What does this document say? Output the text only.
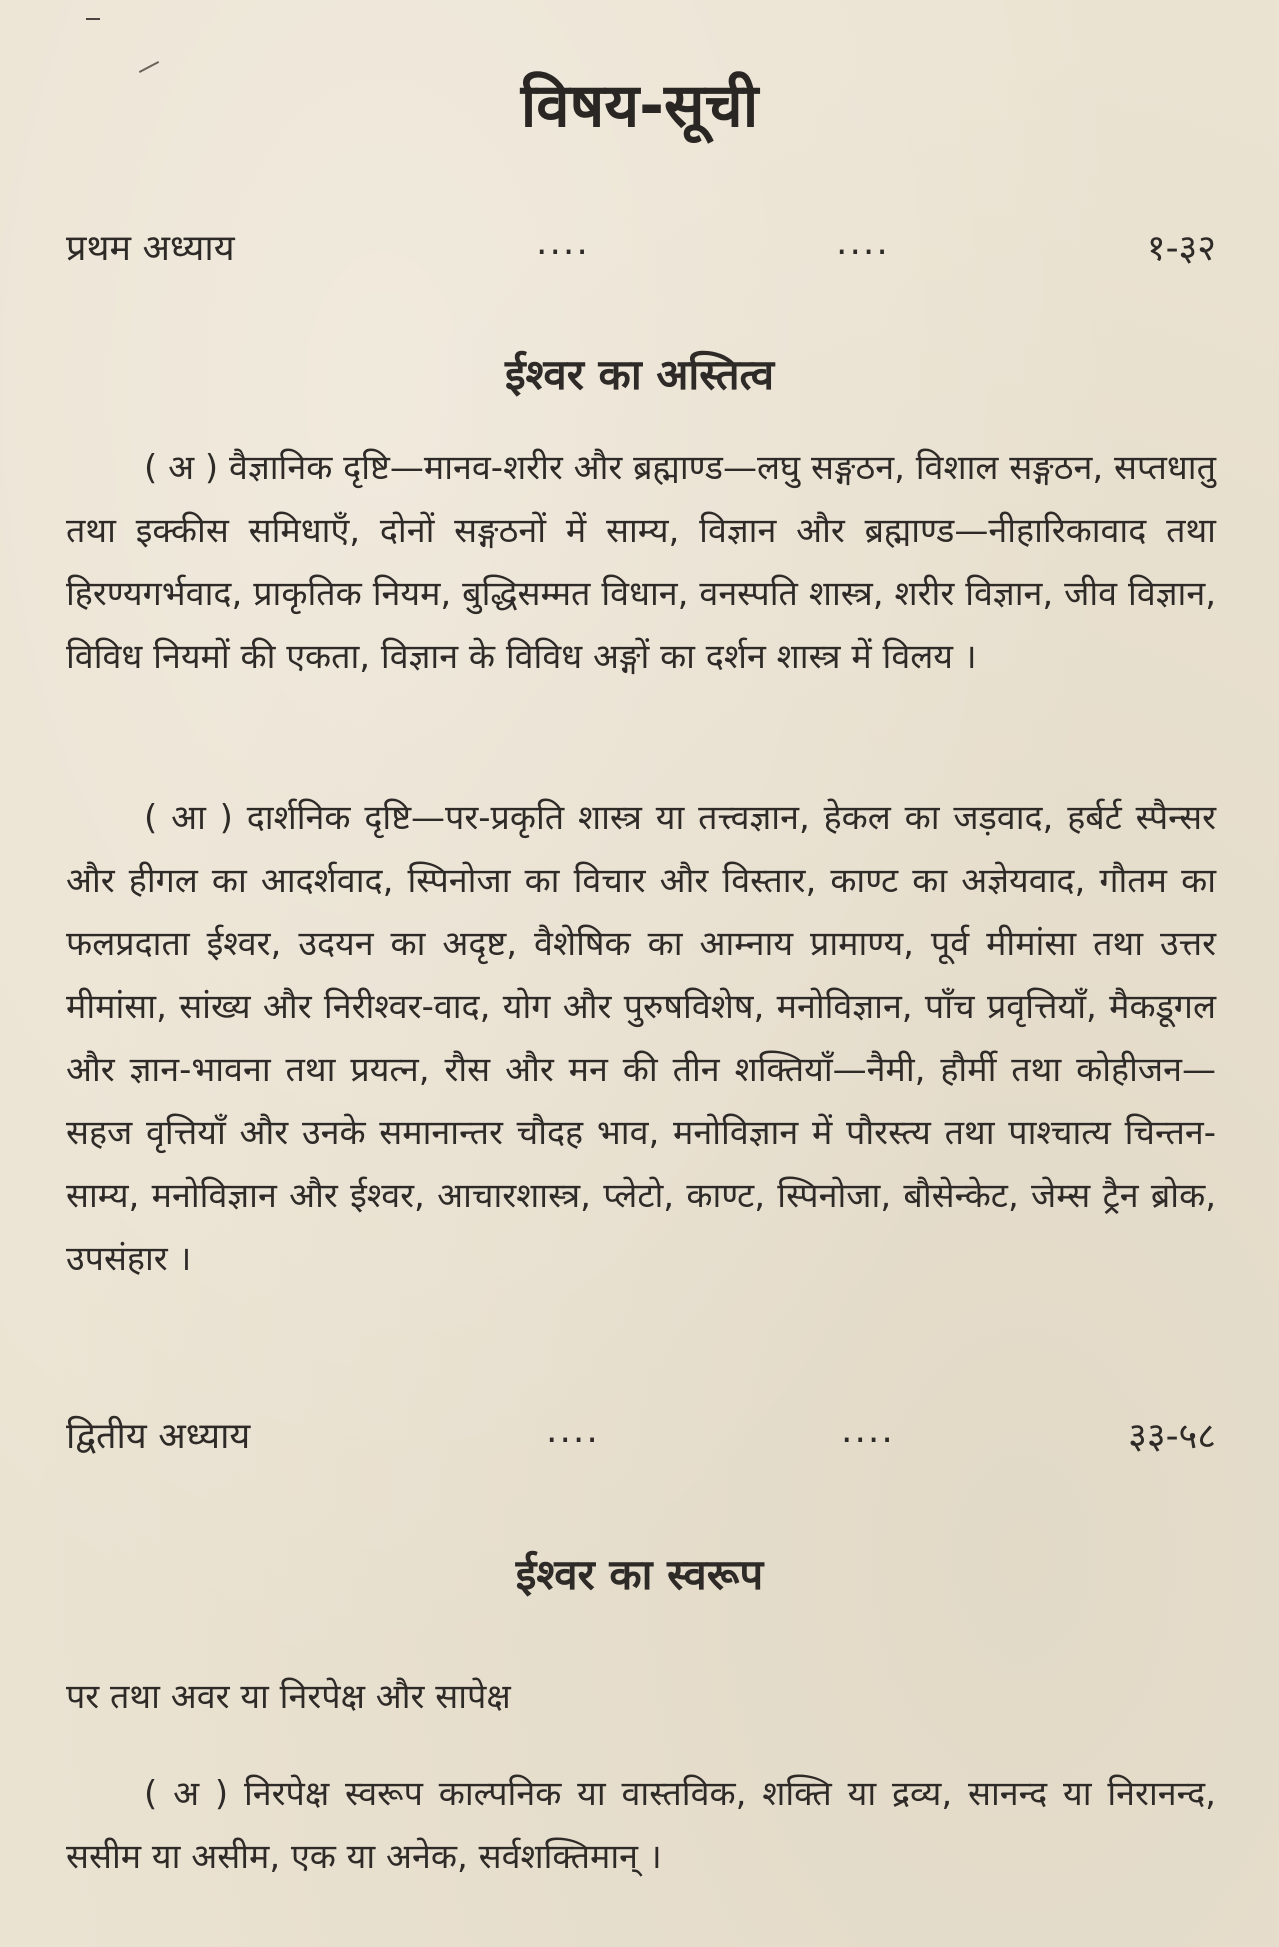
विषय-सूची
प्रथम अध्याय	....	....	१-३२
ईश्वर का अस्तित्व

( अ ) वैज्ञानिक दृष्टि—मानव-शरीर और ब्रह्माण्ड—लघु सङ्गठन, विशाल सङ्गठन, सप्तधातु तथा इक्कीस समिधाएँ, दोनों सङ्गठनों में साम्य, विज्ञान और ब्रह्माण्ड—नीहारिकावाद तथा हिरण्यगर्भवाद, प्राकृतिक नियम, बुद्धिसम्मत विधान, वनस्पति शास्त्र, शरीर विज्ञान, जीव विज्ञान, विविध नियमों की एकता, विज्ञान के विविध अङ्गों का दर्शन शास्त्र में विलय ।

( आ ) दार्शनिक दृष्टि—पर-प्रकृति शास्त्र या तत्त्वज्ञान, हेकल का जड़वाद, हर्बर्ट स्पैन्सर और हीगल का आदर्शवाद, स्पिनोजा का विचार और विस्तार, काण्ट का अज्ञेयवाद, गौतम का फलप्रदाता ईश्वर, उदयन का अदृष्ट, वैशेषिक का आम्नाय प्रामाण्य, पूर्व मीमांसा तथा उत्तर मीमांसा, सांख्य और निरीश्वर-वाद, योग और पुरुषविशेष, मनोविज्ञान, पाँच प्रवृत्तियाँ, मैकडूगल और ज्ञान-भावना तथा प्रयत्न, रौस और मन की तीन शक्तियाँ—नैमी, हौर्मी तथा कोहीजन—सहज वृत्तियाँ और उनके समानान्तर चौदह भाव, मनोविज्ञान में पौरस्त्य तथा पाश्चात्य चिन्तन-साम्य, मनोविज्ञान और ईश्वर, आचारशास्त्र, प्लेटो, काण्ट, स्पिनोजा, बौसेन्केट, जेम्स ट्रैन ब्रोक, उपसंहार ।

द्वितीय अध्याय	....	....	३३-५८
ईश्वर का स्वरूप
पर तथा अवर या निरपेक्ष और सापेक्ष

( अ ) निरपेक्ष स्वरूप काल्पनिक या वास्तविक, शक्ति या द्रव्य, सानन्द या निरानन्द, ससीम या असीम, एक या अनेक, सर्वशक्तिमान् ।
